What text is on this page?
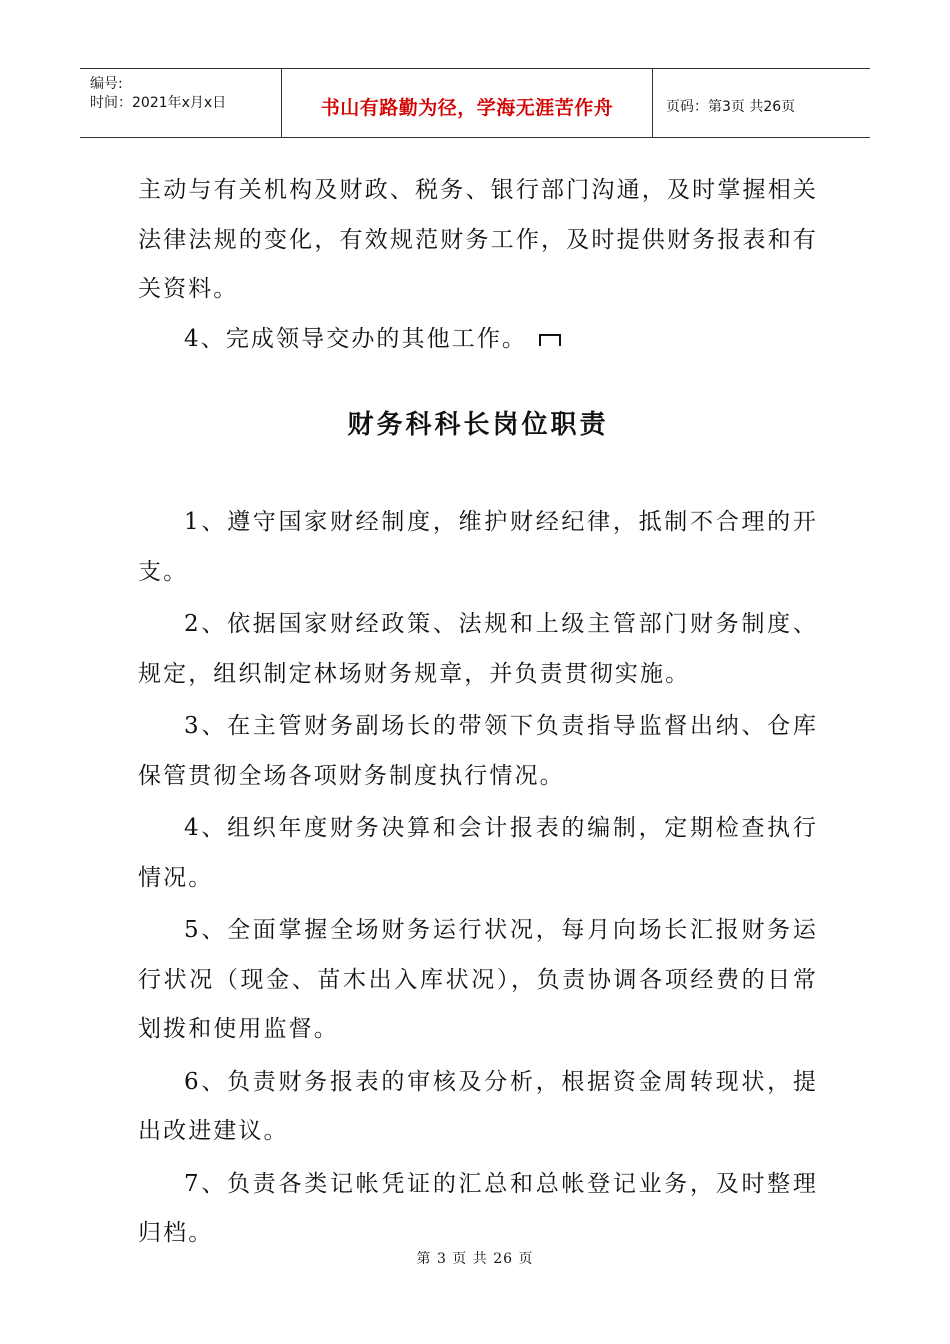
编号:
时间：2021年x月x日	书山有路勤为径，学海无涯苦作舟	页码：第3页 共26页

主动与有关机构及财政、税务、银行部门沟通，及时掌握相关法律法规的变化，有效规范财务工作，及时提供财务报表和有关资料。

4、完成领导交办的其他工作。

财务科科长岗位职责

1、遵守国家财经制度，维护财经纪律，抵制不合理的开支。

2、依据国家财经政策、法规和上级主管部门财务制度、规定，组织制定林场财务规章，并负责贯彻实施。

3、在主管财务副场长的带领下负责指导监督出纳、仓库保管贯彻全场各项财务制度执行情况。

4、组织年度财务决算和会计报表的编制，定期检查执行情况。

5、全面掌握全场财务运行状况，每月向场长汇报财务运行状况（现金、苗木出入库状况），负责协调各项经费的日常划拨和使用监督。

6、负责财务报表的审核及分析，根据资金周转现状，提出改进建议。

7、负责各类记帐凭证的汇总和总帐登记业务，及时整理归档。

第 3 页 共 26 页
